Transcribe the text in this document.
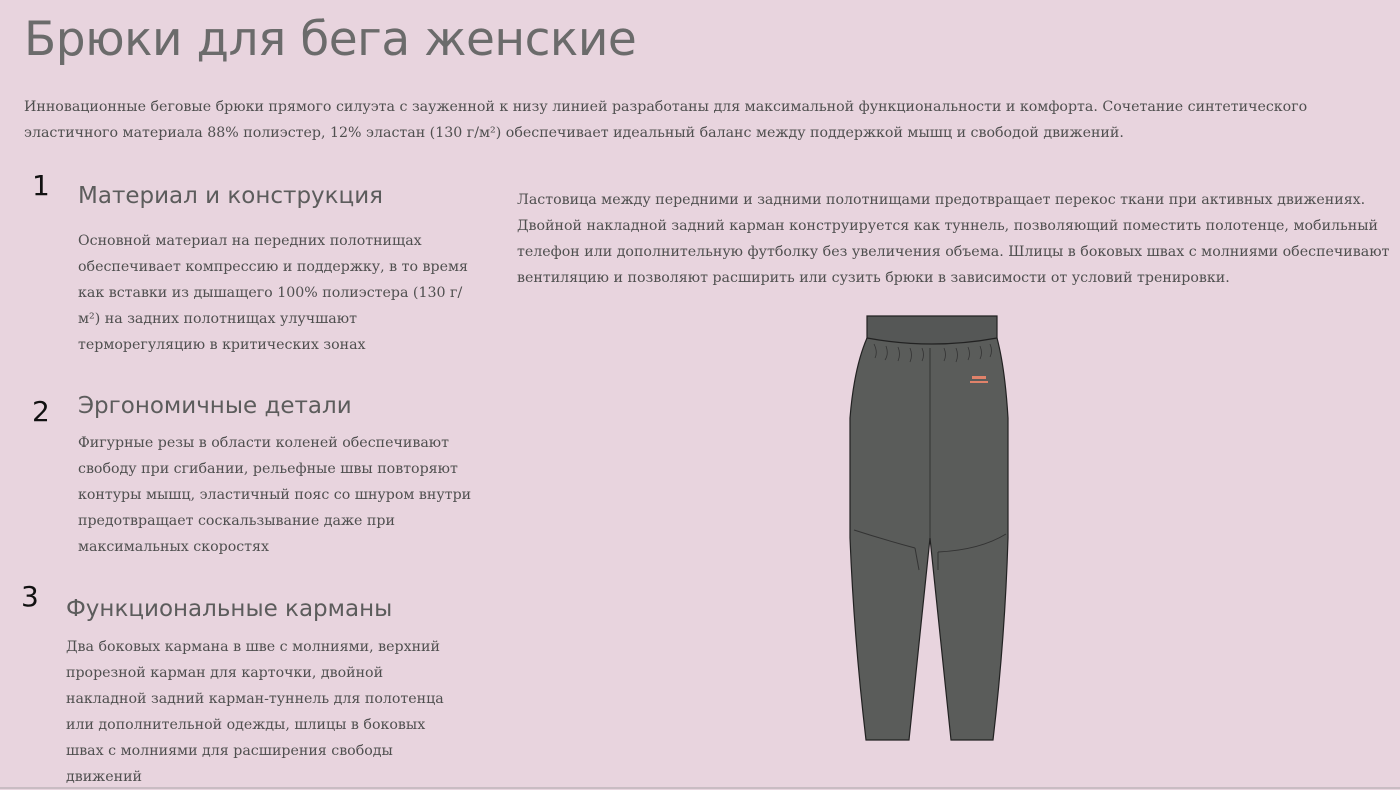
Брюки для бега женские

Инновационные беговые брюки прямого силуэта с зауженной к низу линией разработаны для максимальной функциональности и комфорта. Сочетание синтетического эластичного материала 88% полиэстер, 12% эластан (130 г/м²) обеспечивает идеальный баланс между поддержкой мышц и свободой движений.

1 Материал и конструкция

Основной материал на передних полотнищах обеспечивает компрессию и поддержку, в то время как вставки из дышащего 100% полиэстера (130 г/м²) на задних полотнищах улучшают терморегуляцию в критических зонах

2 Эргономичные детали

Фигурные резы в области коленей обеспечивают свободу при сгибании, рельефные швы повторяют контуры мышц, эластичный пояс со шнуром внутри предотвращает соскальзывание даже при максимальных скоростях

3 Функциональные карманы

Два боковых кармана в шве с молниями, верхний прорезной карман для карточки, двойной накладной задний карман-туннель для полотенца или дополнительной одежды, шлицы в боковых швах с молниями для расширения свободы движений

Ластовица между передними и задними полотнищами предотвращает перекос ткани при активных движениях. Двойной накладной задний карман конструируется как туннель, позволяющий поместить полотенце, мобильный телефон или дополнительную футболку без увеличения объема. Шлицы в боковых швах с молниями обеспечивают вентиляцию и позволяют расширить или сузить брюки в зависимости от условий тренировки.
